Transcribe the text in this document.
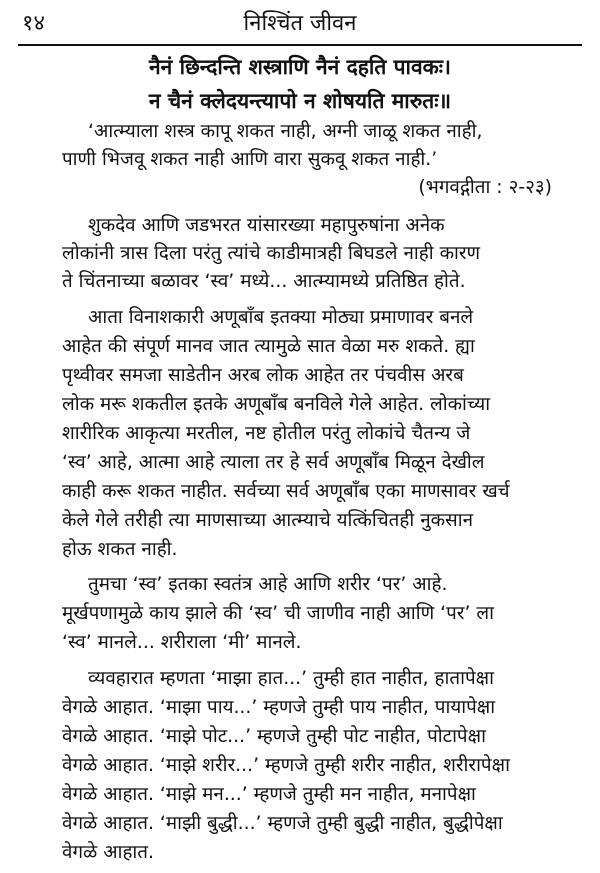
१४	निश्चिंत जीवन
नैनं छिन्दन्ति शस्त्राणि नैनं दहति पावकः।
न चैनं क्लेदयन्त्यापो न शोषयति मारुतः॥
‘आत्म्याला शस्त्र कापू शकत नाही, अग्नी जाळू शकत नाही,
पाणी भिजवू शकत नाही आणि वारा सुकवू शकत नाही.’
(भगवद्गीता : २-२३)
शुकदेव आणि जडभरत यांसारख्या महापुरुषांना अनेक
लोकांनी त्रास दिला परंतु त्यांचे काडीमात्रही बिघडले नाही कारण
ते चिंतनाच्या बळावर ‘स्व’ मध्ये... आत्म्यामध्ये प्रतिष्ठित होते.
आता विनाशकारी अणूबाँब इतक्या मोठ्या प्रमाणावर बनले
आहेत की संपूर्ण मानव जात त्यामुळे सात वेळा मरु शकते. ह्या
पृथ्वीवर समजा साडेतीन अरब लोक आहेत तर पंचवीस अरब
लोक मरू शकतील इतके अणूबाँब बनविले गेले आहेत. लोकांच्या
शारीरिक आकृत्या मरतील, नष्ट होतील परंतु लोकांचे चैतन्य जे
‘स्व’ आहे, आत्मा आहे त्याला तर हे सर्व अणूबाँब मिळून देखील
काही करू शकत नाहीत. सर्वच्या सर्व अणूबाँब एका माणसावर खर्च
केले गेले तरीही त्या माणसाच्या आत्म्याचे यत्किंचितही नुकसान
होऊ शकत नाही.
तुमचा ‘स्व’ इतका स्वतंत्र आहे आणि शरीर ‘पर’ आहे.
मूर्खपणामुळे काय झाले की ‘स्व’ ची जाणीव नाही आणि ‘पर’ ला
‘स्व’ मानले... शरीराला ‘मी’ मानले.
व्यवहारात म्हणता ‘माझा हात...’ तुम्ही हात नाहीत, हातापेक्षा
वेगळे आहात. ‘माझा पाय...’ म्हणजे तुम्ही पाय नाहीत, पायापेक्षा
वेगळे आहात. ‘माझे पोट...’ म्हणजे तुम्ही पोट नाहीत, पोटापेक्षा
वेगळे आहात. ‘माझे शरीर...’ म्हणजे तुम्ही शरीर नाहीत, शरीरापेक्षा
वेगळे आहात. ‘माझे मन...’ म्हणजे तुम्ही मन नाहीत, मनापेक्षा
वेगळे आहात. ‘माझी बुद्धी...’ म्हणजे तुम्ही बुद्धी नाहीत, बुद्धीपेक्षा
वेगळे आहात.
